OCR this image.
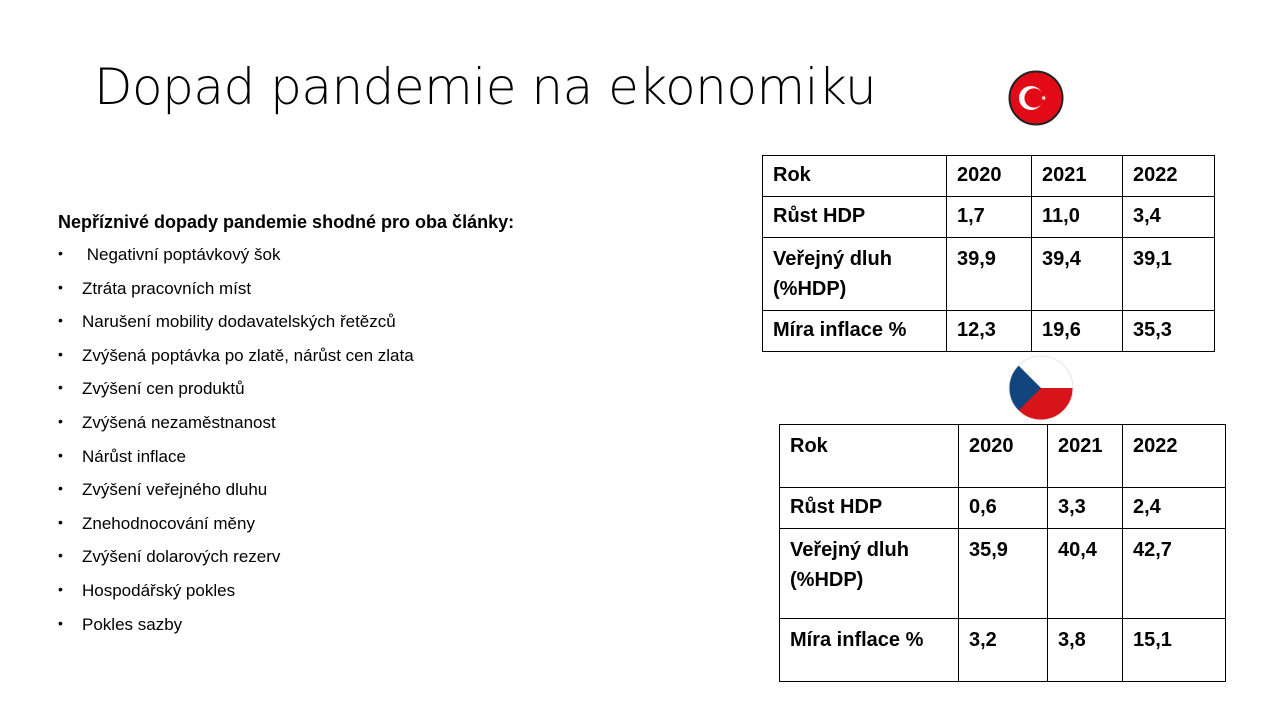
Dopad pandemie na ekonomiku
Nepříznivé dopady pandemie shodné pro oba články:
• Negativní poptávkový šok
• Ztráta pracovních míst
• Narušení mobility dodavatelských řetězců
• Zvýšená poptávka po zlatě, nárůst cen zlata
• Zvýšení cen produktů
• Zvýšená nezaměstnanost
• Nárůst inflace
• Zvýšení veřejného dluhu
• Znehodnocování měny
• Zvýšení dolarových rezerv
• Hospodářský pokles
• Pokles sazby
Rok	2020	2021	2022
Růst HDP	1,7	11,0	3,4
Veřejný dluh (%HDP)	39,9	39,4	39,1
Míra inflace %	12,3	19,6	35,3
Rok	2020	2021	2022
Růst HDP	0,6	3,3	2,4
Veřejný dluh (%HDP)	35,9	40,4	42,7
Míra inflace %	3,2	3,8	15,1
